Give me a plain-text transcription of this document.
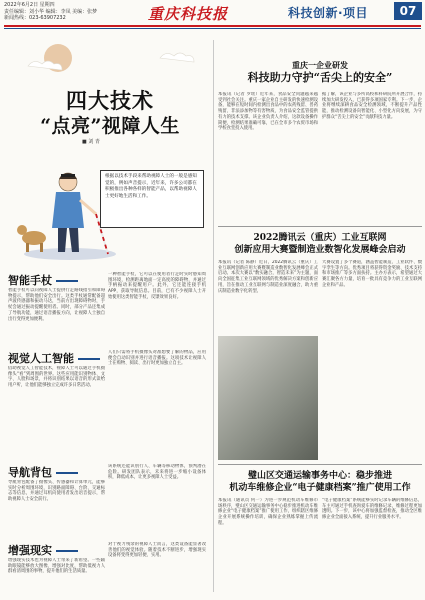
2022年6月2日 星期四
责任编辑：刘小华 编辑：李凤 美编：张梦
新闻热线：023-63907232	重庆科技报	科技创新·项目	07
四大技术
“点亮”视障人生
■ 刘 青
根据以技术手段来帮助视障人士的一般是感知觉的，例如声音提示，近年来，许多公司都在积极推出各种各样的智能产品，以帮助视障人士更好地生活和工作。
智能手杖
智能手杖可以向视障人士提供行走路线指引和障碍物提示，帮助他们安全出行。这类手杖通常配备超声波传感器和振动马达，当前方出现障碍物时，手杖会通过振动提醒使用者。同时，部分产品还集成了导航功能，通过语音播报方向，让视障人士独自出行变得更加便利。
一种智能手杖，它可以在使用者行走时实时感知周围环境，检测距离地面一定高度的障碍物，并通过手柄振动来提醒用户。此外，它还能连接手机APP，获取导航信息。目前，已有不少视障人士开始使用这类智能手杖，反馈效果良好。
视觉人工智能
借助视觉人工智能技术，视障人士可以通过手机摄像头“看”到周围的世界。这些应用能识别物体、文字、人脸和场景，并将识别结果以语音的形式读给用户听，让他们能够独立完成许多日常活动。
人们只需将手机摄像头对准想要了解的物品，应用便会自动识别并进行语音播报。这项技术让视障人士在购物、阅读、出行时更加独立自主。
导航背包
导航背包配备了摄像头、传感器和计算单元，能够实时分析周围环境，识别路面障碍、台阶、交通标志等信息，并通过耳机向使用者发出语音提示，帮助视障人士安全前行。
该系统还能识别行人、车辆等移动物体，预判潜在危险。研发团队表示，未来将进一步缩小设备体积，降低成本，让更多视障人士受益。
增强现实
增强现实技术也为视障人士带来了新希望。一些辅助眼镜能够放大图像、增强对比度，帮助低视力人群看清周围的事物，提升他们的生活质量。
对于视力残余的视障人士而言，这类设备能显著改善他们的视觉体验。随着技术不断进步，增强现实设备将变得更加轻便、实用。
重庆一企业研发
科技助力守护“舌尖上的安全”
本报讯（记者 罗瑶）近年来，食品安全问题越来越受到社会关注。重庆一家企业自主研发的快速检测设备，能够在短时间内检测出食品中的农药残留、兽药残留、非法添加物等有害物质，为食品安全监管提供有力的技术支撑。该企业负责人介绍，这款设备操作简便，检测结果准确可靠，已在全市多个农贸市场和学校食堂投入使用。
据了解，该企业与多所高校和科研院所开展合作，持续加大研发投入，已获得多项国家专利。下一步，企业将继续深耕食品安全检测领域，不断提升产品性能，推动检测设备向智能化、小型化方向发展，为守护群众“舌尖上的安全”贡献科技力量。
2022腾讯云（重庆）工业互联网
创新应用大赛暨制造业数智化发展峰会启动
本报讯（记者 陈静）近日，2022腾讯云（重庆）工业互联网创新应用大赛暨制造业数智化发展峰会正式启动。本次大赛以“数实融合，智造未来”为主题，面向全国征集工业互联网领域的优秀解决方案和创新应用，旨在推动工业互联网与制造业深度融合，助力重庆制造业数字化转型。
大赛设置了多个赛道，涵盖智能制造、工业软件、数字孪生等方向。优秀项目将获得资金奖励、技术支持和市场推广等多方面扶持。主办方表示，希望通过大赛汇聚各方力量，培育一批具有竞争力的工业互联网企业和产品。
璧山区交通运输事务中心：稳步推进
机动车维修企业“电子健康档案”推广使用工作
本报讯（通讯员 何一）为进一步规范机动车维修市场秩序，璧山区交通运输事务中心稳步推进机动车维修企业“电子健康档案”推广使用工作，组织辖区维修企业开展系统操作培训，确保企业熟练掌握上传流程。
“电子健康档案”系统能够实时记录车辆的维修信息，车主可通过手机查询爱车的维修记录，维修过程更加透明。下一步，该中心将加强监督检查，推动全区维修企业全面接入系统，提升行业服务水平。
